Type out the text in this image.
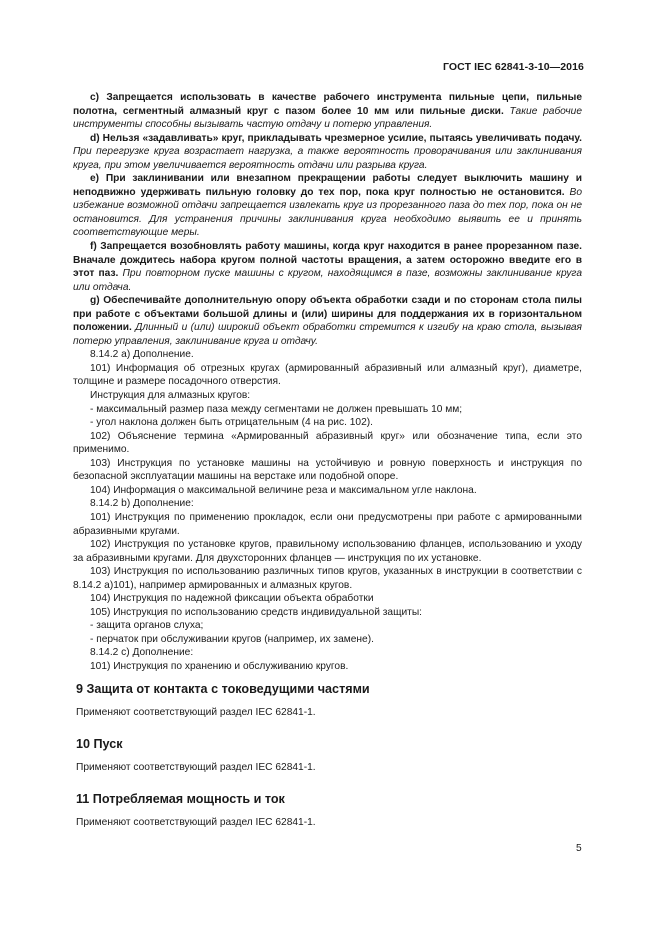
ГОСТ IEC 62841-3-10—2016

c) Запрещается использовать в качестве рабочего инструмента пильные цепи, пильные полотна, сегментный алмазный круг с пазом более 10 мм или пильные диски. Такие рабочие инструменты способны вызывать частую отдачу и потерю управления.

d) Нельзя «задавливать» круг, прикладывать чрезмерное усилие, пытаясь увеличивать подачу. При перегрузке круга возрастает нагрузка, а также вероятность проворачивания или заклинивания круга, при этом увеличивается вероятность отдачи или разрыва круга.

e) При заклинивании или внезапном прекращении работы следует выключить машину и неподвижно удерживать пильную головку до тех пор, пока круг полностью не остановится. Во избежание возможной отдачи запрещается извлекать круг из прорезанного паза до тех пор, пока он не остановится. Для устранения причины заклинивания круга необходимо выявить ее и принять соответствующие меры.

f) Запрещается возобновлять работу машины, когда круг находится в ранее прорезанном пазе. Вначале дождитесь набора кругом полной частоты вращения, а затем осторожно введите его в этот паз. При повторном пуске машины с кругом, находящимся в пазе, возможны заклинивание круга или отдача.

g) Обеспечивайте дополнительную опору объекта обработки сзади и по сторонам стола пилы при работе с объектами большой длины и (или) ширины для поддержания их в горизонтальном положении. Длинный и (или) широкий объект обработки стремится к изгибу на краю стола, вызывая потерю управления, заклинивание круга и отдачу.

8.14.2 a) Дополнение.

101) Информация об отрезных кругах (армированный абразивный или алмазный круг), диаметре, толщине и размере посадочного отверстия.

Инструкция для алмазных кругов:

- максимальный размер паза между сегментами не должен превышать 10 мм;

- угол наклона должен быть отрицательным (4 на рис. 102).

102) Объяснение термина «Армированный абразивный круг» или обозначение типа, если это применимо.

103) Инструкция по установке машины на устойчивую и ровную поверхность и инструкция по безопасной эксплуатации машины на верстаке или подобной опоре.

104) Информация о максимальной величине реза и максимальном угле наклона.

8.14.2 b) Дополнение:

101) Инструкция по применению прокладок, если они предусмотрены при работе с армированными абразивными кругами.

102) Инструкция по установке кругов, правильному использованию фланцев, использованию и уходу за абразивными кругами. Для двухсторонних фланцев — инструкция по их установке.

103) Инструкция по использованию различных типов кругов, указанных в инструкции в соответствии с 8.14.2 a)101), например армированных и алмазных кругов.

104) Инструкция по надежной фиксации объекта обработки

105) Инструкция по использованию средств индивидуальной защиты:

- защита органов слуха;

- перчаток при обслуживании кругов (например, их замене).

8.14.2 c) Дополнение:

101) Инструкция по хранению и обслуживанию кругов.

9 Защита от контакта с токоведущими частями

Применяют соответствующий раздел IEC 62841-1.

10 Пуск

Применяют соответствующий раздел IEC 62841-1.

11 Потребляемая мощность и ток

Применяют соответствующий раздел IEC 62841-1.

5
